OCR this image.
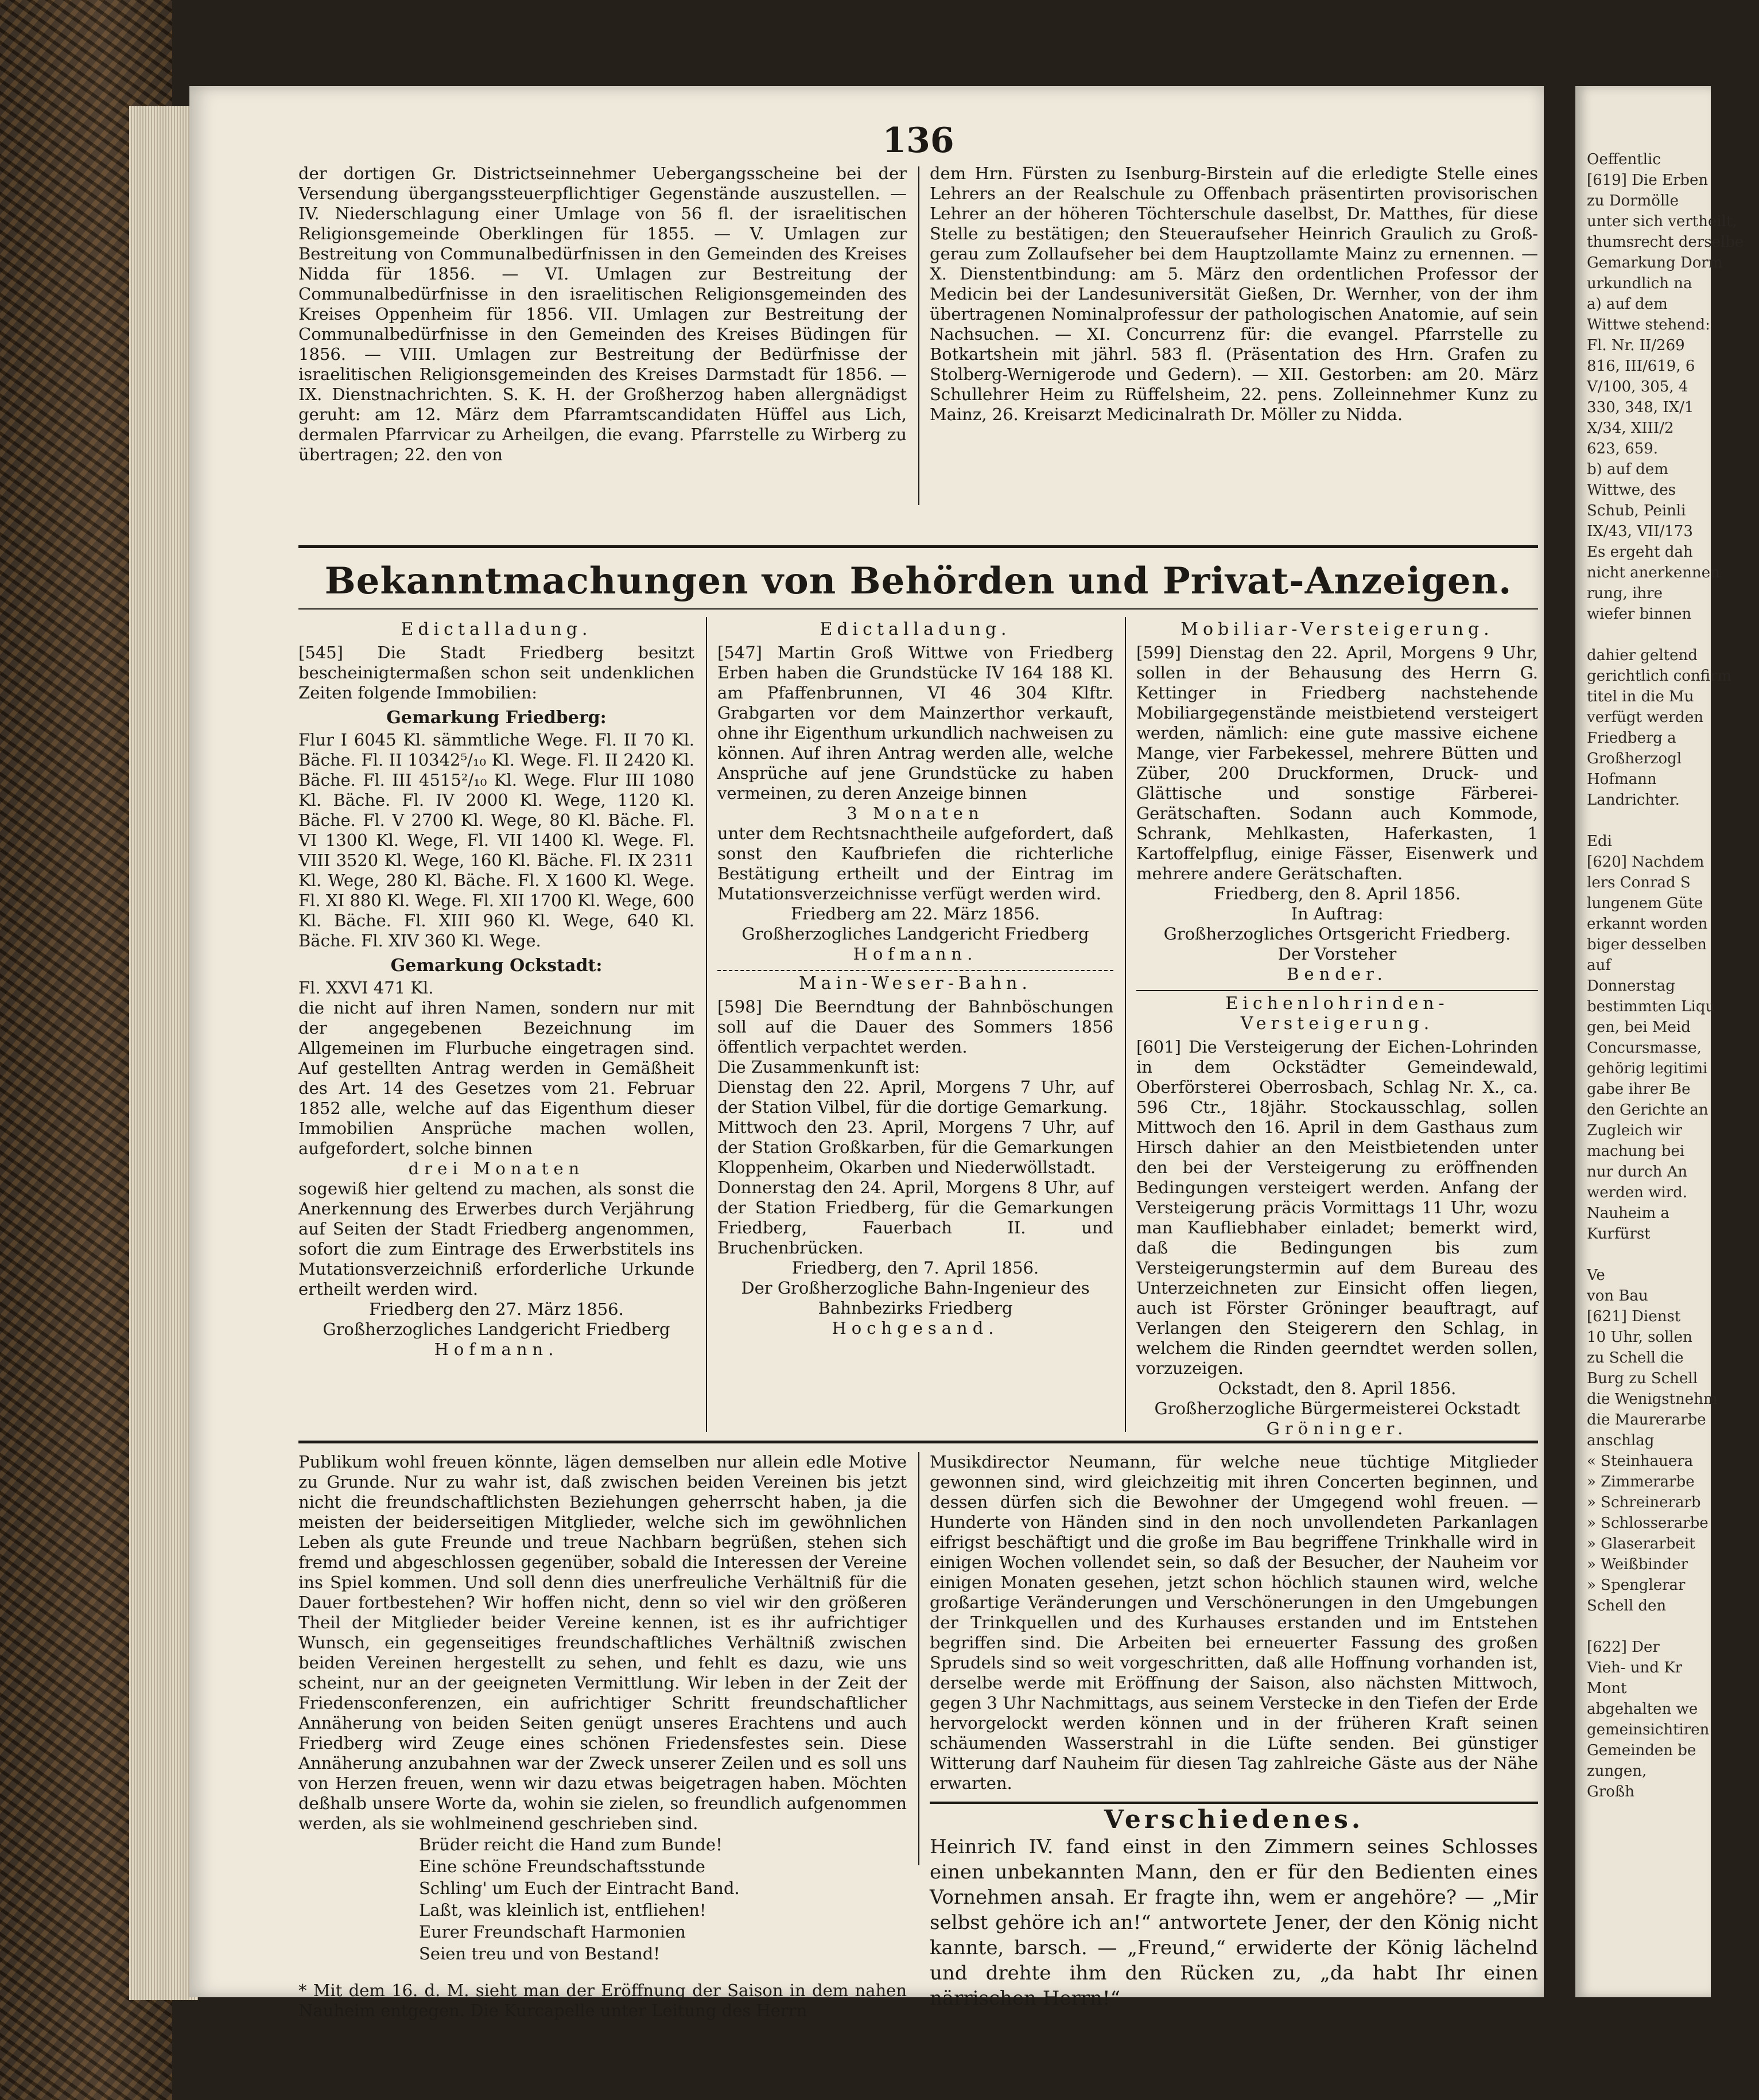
136
der dortigen Gr. Districtseinnehmer Uebergangsscheine bei der Versendung übergangssteuerpflichtiger Gegenstände auszustellen. — IV. Niederschlagung einer Umlage von 56 fl. der israelitischen Religionsgemeinde Oberklingen für 1855. — V. Umlagen zur Bestreitung von Communalbedürfnissen in den Gemeinden des Kreises Nidda für 1856. — VI. Umlagen zur Bestreitung der Communalbedürfnisse in den israelitischen Religionsgemeinden des Kreises Oppenheim für 1856. VII. Umlagen zur Bestreitung der Communalbedürfnisse in den Gemeinden des Kreises Büdingen für 1856. — VIII. Umlagen zur Bestreitung der Bedürfnisse der israelitischen Religionsgemeinden des Kreises Darmstadt für 1856. — IX. Dienstnachrichten. S. K. H. der Großherzog haben allergnädigst geruht: am 12. März dem Pfarramtscandidaten Hüffel aus Lich, dermalen Pfarrvicar zu Arheilgen, die evang. Pfarrstelle zu Wirberg zu übertragen; 22. den von
dem Hrn. Fürsten zu Isenburg-Birstein auf die erledigte Stelle eines Lehrers an der Realschule zu Offenbach präsentirten provisorischen Lehrer an der höheren Töchterschule daselbst, Dr. Matthes, für diese Stelle zu bestätigen; den Steueraufseher Heinrich Graulich zu Groß-gerau zum Zollaufseher bei dem Hauptzollamte Mainz zu ernennen. — X. Dienstentbindung: am 5. März den ordentlichen Professor der Medicin bei der Landesuniversität Gießen, Dr. Wernher, von der ihm übertragenen Nominalprofessur der pathologischen Anatomie, auf sein Nachsuchen. — XI. Concurrenz für: die evangel. Pfarrstelle zu Botkartshein mit jährl. 583 fl. (Präsentation des Hrn. Grafen zu Stolberg-Wernigerode und Gedern). — XII. Gestorben: am 20. März Schullehrer Heim zu Rüffelsheim, 22. pens. Zolleinnehmer Kunz zu Mainz, 26. Kreisarzt Medicinalrath Dr. Möller zu Nidda.
Bekanntmachungen von Behörden und Privat-Anzeigen.
Edictalladung.
[545] Die Stadt Friedberg besitzt bescheinigtermaßen schon seit undenklichen Zeiten folgende Immobilien:
Gemarkung Friedberg:
Flur I 6045 Kl. sämmtliche Wege. Fl. II 70 Kl. Bäche. Fl. II 10342⁵/₁₀ Kl. Wege. Fl. II 2420 Kl. Bäche. Fl. III 4515²/₁₀ Kl. Wege. Flur III 1080 Kl. Bäche. Fl. IV 2000 Kl. Wege, 1120 Kl. Bäche. Fl. V 2700 Kl. Wege, 80 Kl. Bäche. Fl. VI 1300 Kl. Wege, Fl. VII 1400 Kl. Wege. Fl. VIII 3520 Kl. Wege, 160 Kl. Bäche. Fl. IX 2311 Kl. Wege, 280 Kl. Bäche. Fl. X 1600 Kl. Wege. Fl. XI 880 Kl. Wege. Fl. XII 1700 Kl. Wege, 600 Kl. Bäche. Fl. XIII 960 Kl. Wege, 640 Kl. Bäche. Fl. XIV 360 Kl. Wege.
Gemarkung Ockstadt:
Fl. XXVI 471 Kl.
die nicht auf ihren Namen, sondern nur mit der angegebenen Bezeichnung im Allgemeinen im Flurbuche eingetragen sind. Auf gestellten Antrag werden in Gemäßheit des Art. 14 des Gesetzes vom 21. Februar 1852 alle, welche auf das Eigenthum dieser Immobilien Ansprüche machen wollen, aufgefordert, solche binnen
drei Monaten
sogewiß hier geltend zu machen, als sonst die Anerkennung des Erwerbes durch Verjährung auf Seiten der Stadt Friedberg angenommen, sofort die zum Eintrage des Erwerbstitels ins Mutationsverzeichniß erforderliche Urkunde ertheilt werden wird.
Friedberg den 27. März 1856.
Großherzogliches Landgericht Friedberg
Hofmann.
Edictalladung.
[547] Martin Groß Wittwe von Friedberg Erben haben die Grundstücke IV 164 188 Kl. am Pfaffenbrunnen, VI 46 304 Klftr. Grabgarten vor dem Mainzerthor verkauft, ohne ihr Eigenthum urkundlich nachweisen zu können. Auf ihren Antrag werden alle, welche Ansprüche auf jene Grundstücke zu haben vermeinen, zu deren Anzeige binnen
3 Monaten
unter dem Rechtsnachtheile aufgefordert, daß sonst den Kaufbriefen die richterliche Bestätigung ertheilt und der Eintrag im Mutationsverzeichnisse verfügt werden wird.
Friedberg am 22. März 1856.
Großherzogliches Landgericht Friedberg
Hofmann.
Main-Weser-Bahn.
[598] Die Beerndtung der Bahnböschungen soll auf die Dauer des Sommers 1856 öffentlich verpachtet werden.
Die Zusammenkunft ist:
Dienstag den 22. April, Morgens 7 Uhr, auf der Station Vilbel, für die dortige Gemarkung.
Mittwoch den 23. April, Morgens 7 Uhr, auf der Station Großkarben, für die Gemarkungen Kloppenheim, Okarben und Niederwöllstadt.
Donnerstag den 24. April, Morgens 8 Uhr, auf der Station Friedberg, für die Gemarkungen Friedberg, Fauerbach II. und Bruchenbrücken.
Friedberg, den 7. April 1856.
Der Großherzogliche Bahn-Ingenieur des Bahnbezirks Friedberg
Hochgesand.
Mobiliar-Versteigerung.
[599] Dienstag den 22. April, Morgens 9 Uhr, sollen in der Behausung des Herrn G. Kettinger in Friedberg nachstehende Mobiliargegenstände meistbietend versteigert werden, nämlich: eine gute massive eichene Mange, vier Farbekessel, mehrere Bütten und Züber, 200 Druckformen, Druck- und Glättische und sonstige Färberei-Gerätschaften. Sodann auch Kommode, Schrank, Mehlkasten, Haferkasten, 1 Kartoffelpflug, einige Fässer, Eisenwerk und mehrere andere Gerätschaften.
Friedberg, den 8. April 1856.
In Auftrag:
Großherzogliches Ortsgericht Friedberg.
Der Vorsteher
Bender.
Eichenlohrinden-Versteigerung.
[601] Die Versteigerung der Eichen-Lohrinden in dem Ockstädter Gemeindewald, Oberförsterei Oberrosbach, Schlag Nr. X., ca. 596 Ctr., 18jähr. Stockausschlag, sollen Mittwoch den 16. April in dem Gasthaus zum Hirsch dahier an den Meistbietenden unter den bei der Versteigerung zu eröffnenden Bedingungen versteigert werden. Anfang der Versteigerung präcis Vormittags 11 Uhr, wozu man Kaufliebhaber einladet; bemerkt wird, daß die Bedingungen bis zum Versteigerungstermin auf dem Bureau des Unterzeichneten zur Einsicht offen liegen, auch ist Förster Gröninger beauftragt, auf Verlangen den Steigerern den Schlag, in welchem die Rinden geerndtet werden sollen, vorzuzeigen.
Ockstadt, den 8. April 1856.
Großherzogliche Bürgermeisterei Ockstadt
Gröninger.
Publikum wohl freuen könnte, lägen demselben nur allein edle Motive zu Grunde. Nur zu wahr ist, daß zwischen beiden Vereinen bis jetzt nicht die freundschaftlichsten Beziehungen geherrscht haben, ja die meisten der beiderseitigen Mitglieder, welche sich im gewöhnlichen Leben als gute Freunde und treue Nachbarn begrüßen, stehen sich fremd und abgeschlossen gegenüber, sobald die Interessen der Vereine ins Spiel kommen. Und soll denn dies unerfreuliche Verhältniß für die Dauer fortbestehen? Wir hoffen nicht, denn so viel wir den größeren Theil der Mitglieder beider Vereine kennen, ist es ihr aufrichtiger Wunsch, ein gegenseitiges freundschaftliches Verhältniß zwischen beiden Vereinen hergestellt zu sehen, und fehlt es dazu, wie uns scheint, nur an der geeigneten Vermittlung. Wir leben in der Zeit der Friedensconferenzen, ein aufrichtiger Schritt freundschaftlicher Annäherung von beiden Seiten genügt unseres Erachtens und auch Friedberg wird Zeuge eines schönen Friedensfestes sein. Diese Annäherung anzubahnen war der Zweck unserer Zeilen und es soll uns von Herzen freuen, wenn wir dazu etwas beigetragen haben. Möchten deßhalb unsere Worte da, wohin sie zielen, so freundlich aufgenommen werden, als sie wohlmeinend geschrieben sind.
Brüder reicht die Hand zum Bunde!
Eine schöne Freundschaftsstunde
Schling' um Euch der Eintracht Band.
Laßt, was kleinlich ist, entfliehen!
Eurer Freundschaft Harmonien
Seien treu und von Bestand!
* Mit dem 16. d. M. sieht man der Eröffnung der Saison in dem nahen Nauheim entgegen. Die Kurcapelle unter Leitung des Herrn
Musikdirector Neumann, für welche neue tüchtige Mitglieder gewonnen sind, wird gleichzeitig mit ihren Concerten beginnen, und dessen dürfen sich die Bewohner der Umgegend wohl freuen. — Hunderte von Händen sind in den noch unvollendeten Parkanlagen eifrigst beschäftigt und die große im Bau begriffene Trinkhalle wird in einigen Wochen vollendet sein, so daß der Besucher, der Nauheim vor einigen Monaten gesehen, jetzt schon höchlich staunen wird, welche großartige Veränderungen und Verschönerungen in den Umgebungen der Trinkquellen und des Kurhauses erstanden und im Entstehen begriffen sind. Die Arbeiten bei erneuerter Fassung des großen Sprudels sind so weit vorgeschritten, daß alle Hoffnung vorhanden ist, derselbe werde mit Eröffnung der Saison, also nächsten Mittwoch, gegen 3 Uhr Nachmittags, aus seinem Verstecke in den Tiefen der Erde hervorgelockt werden können und in der früheren Kraft seinen schäumenden Wasserstrahl in die Lüfte senden. Bei günstiger Witterung darf Nauheim für diesen Tag zahlreiche Gäste aus der Nähe erwarten.
Verschiedenes.
Heinrich IV. fand einst in den Zimmern seines Schlosses einen unbekannten Mann, den er für den Bedienten eines Vornehmen ansah. Er fragte ihn, wem er angehöre? — „Mir selbst gehöre ich an!“ antwortete Jener, der den König nicht kannte, barsch. — „Freund,“ erwiderte der König lächelnd und drehte ihm den Rücken zu, „da habt Ihr einen närrischen Herrn!“
Oeffentlic
[619] Die Erben
zu Dormölle
unter sich vertheilt,
thumsrecht derselbe
Gemarkung Dorm
urkundlich na
a) auf dem
Wittwe stehend:
Fl. Nr. II/269
816, III/619, 6
V/100, 305, 4
330, 348, IX/1
X/34, XIII/2
623, 659.
b) auf dem
Wittwe, des
Schub, Peinli
IX/43, VII/173
Es ergeht dah
nicht anerkennen
rung, ihre
wiefer binnen

dahier geltend
gerichtlich confirm
titel in die Mu
verfügt werden
Friedberg a
Großherzogl
Hofmann
Landrichter.

Edi
[620] Nachdem
lers Conrad S
lungenem Güte
erkannt worden
biger desselben
auf
Donnerstag
bestimmten Liqu
gen, bei Meid
Concursmasse,
gehörig legitimi
gabe ihrer Be
den Gerichte an
Zugleich wir
machung bei
nur durch An
werden wird.
Nauheim a
Kurfürst

Ve
von Bau
[621] Dienst
10 Uhr, sollen
zu Schell die
Burg zu Schell
die Wenigstnehm
die Maurerarbe
anschlag
« Steinhauera
» Zimmerarbe
» Schreinerarb
» Schlosserarbe
» Glaserarbeit
» Weißbinder
» Spenglerar
Schell den

[622] Der
Vieh- und Kr
Mont
abgehalten we
gemeinsichtiren
Gemeinden be
zungen,
Großh
